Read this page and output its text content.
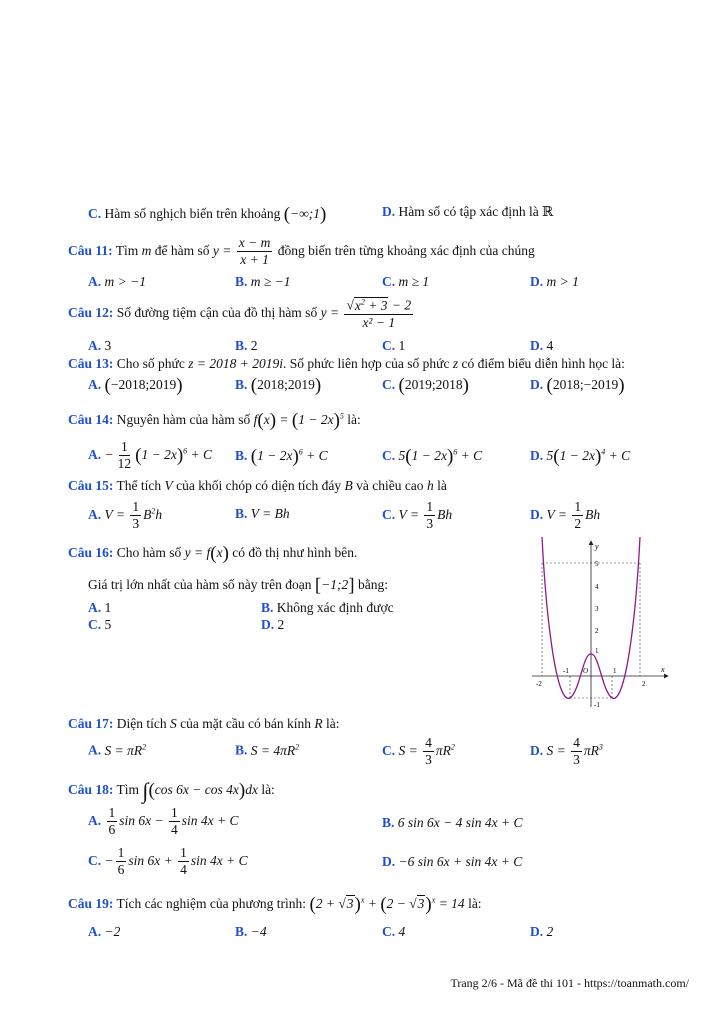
C. Hàm số nghịch biến trên khoảng (−∞;1)	D. Hàm số có tập xác định là ℝ
Câu 11: Tìm m để hàm số $y = \frac{x - m}{x + 1}$ đồng biến trên từng khoảng xác định của chúng
A. m > −1	B. m ≥ −1	C. m ≥ 1	D. m > 1
Câu 12: Số đường tiệm cận của đồ thị hàm số $y = \frac{√x^2 + 3 - 2}{\text{x² − 1}}$
A. 3	B. 2	C. 1	D. 4
Câu 13: Cho số phức z = 2018 + 2019i. Số phức liên hợp của số phức z có điểm biểu diễn hình học là:
A. (−2018;2019)	B. (2018;2019)	C. (2019;2018)	D. (2018;−2019)
Câu 14: Nguyên hàm của hàm số $f(x) = (1 - 2x)^5$ là:
A. − $\frac{1}{12} (1 - 2x)^6 + C$ B. $(1 - 2x)^6 + C$	C. $5(1 - 2x)^6 + C$	D. $5(1 - 2x)^4 + C$
Câu 15: Thể tích V của khối chóp có diện tích đáy B và chiều cao h là
A. $V = \frac{1}{3} B^2h$	B. V = Bh	C. $V = \frac{1}{3}$ Bh	D. $V = \frac{1}{2}$ Bh
Câu 16: Cho hàm số y = f(x) có đồ thị như hình bên.
Giá trị lớn nhất của hàm số này trên đoạn [−1;2] bằng:
A. 1	B. Không xác định được
C. 5	D. 2
x
y
O
-2
-1	1
2
5
4
3
2
1
-1
Câu 17: Diện tích S của mặt cầu có bán kính R là:
A. $S = \pi R^2$	B. $S = 4\pi R^2$	C. $S = \frac{4}{3} \pi R^2$	D. $S = \frac{4}{3} \pi R^3$
Câu 18: Tìm ∫(cos 6x − cos 4x)dx là:
A. $\frac{1}{6}$ $\sin 6x - \frac{1}{4}$ sin 4x + C	B. 6 sin 6x − 4 sin 4x + C
C. − $\frac{1}{6}$ $\sin 6x + \frac{1}{4}$ sin 4x + C	D. −6 sin 6x + sin 4x + C
Câu 19: Tích các nghiệm của phương trình: $(2 + √3)^x + (2 - √3)^x = 14$ là:
A. −2	B. −4	C. 4	D. 2
Trang 2/6 - Mã đề thi 101 - https://toanmath.com/
